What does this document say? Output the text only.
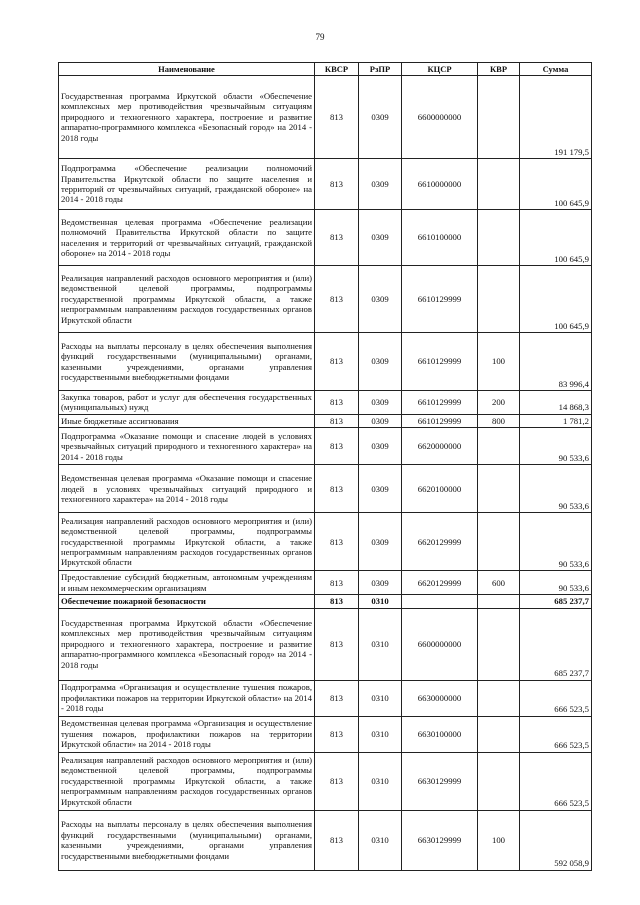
79
Наименование	КВСР	РзПР	КЦСР	КВР	Сумма
Государственная программа Иркутской области «Обеспечение комплексных мер противодействия чрезвычайным ситуациям природного и техногенного характера, построение и развитие аппаратно-программного комплекса «Безопасный город» на 2014 - 2018 годы	813	0309	6600000000		191 179,5
Подпрограмма «Обеспечение реализации полномочий Правительства Иркутской области по защите населения и территорий от чрезвычайных ситуаций, гражданской обороне» на 2014 - 2018 годы	813	0309	6610000000		100 645,9
Ведомственная целевая программа «Обеспечение реализации полномочий Правительства Иркутской области по защите населения и территорий от чрезвычайных ситуаций, гражданской обороне» на 2014 - 2018 годы	813	0309	6610100000		100 645,9
Реализация направлений расходов основного мероприятия и (или) ведомственной целевой программы, подпрограммы государственной программы Иркутской области, а также непрограммным направлениям расходов государственных органов Иркутской области	813	0309	6610129999		100 645,9
Расходы на выплаты персоналу в целях обеспечения выполнения функций государственными (муниципальными) органами, казенными учреждениями, органами управления государственными внебюджетными фондами	813	0309	6610129999	100	83 996,4
Закупка товаров, работ и услуг для обеспечения государственных (муниципальных) нужд	813	0309	6610129999	200	14 868,3
Иные бюджетные ассигнования	813	0309	6610129999	800	1 781,2
Подпрограмма «Оказание помощи и спасение людей в условиях чрезвычайных ситуаций природного и техногенного характера» на 2014 - 2018 годы	813	0309	6620000000		90 533,6
Ведомственная целевая программа «Оказание помощи и спасение людей в условиях чрезвычайных ситуаций природного и техногенного характера» на 2014 - 2018 годы	813	0309	6620100000		90 533,6
Реализация направлений расходов основного мероприятия и (или) ведомственной целевой программы, подпрограммы государственной программы Иркутской области, а также непрограммным направлениям расходов государственных органов Иркутской области	813	0309	6620129999		90 533,6
Предоставление субсидий бюджетным, автономным учреждениям и иным некоммерческим организациям	813	0309	6620129999	600	90 533,6
Обеспечение пожарной безопасности	813	0310			685 237,7
Государственная программа Иркутской области «Обеспечение комплексных мер противодействия чрезвычайным ситуациям природного и техногенного характера, построение и развитие аппаратно-программного комплекса «Безопасный город» на 2014 - 2018 годы	813	0310	6600000000		685 237,7
Подпрограмма «Организация и осуществление тушения пожаров, профилактики пожаров на территории Иркутской области» на 2014 - 2018 годы	813	0310	6630000000		666 523,5
Ведомственная целевая программа «Организация и осуществление тушения пожаров, профилактики пожаров на территории Иркутской области» на 2014 - 2018 годы	813	0310	6630100000		666 523,5
Реализация направлений расходов основного мероприятия и (или) ведомственной целевой программы, подпрограммы государственной программы Иркутской области, а также непрограммным направлениям расходов государственных органов Иркутской области	813	0310	6630129999		666 523,5
Расходы на выплаты персоналу в целях обеспечения выполнения функций государственными (муниципальными) органами, казенными учреждениями, органами управления государственными внебюджетными фондами	813	0310	6630129999	100	592 058,9
